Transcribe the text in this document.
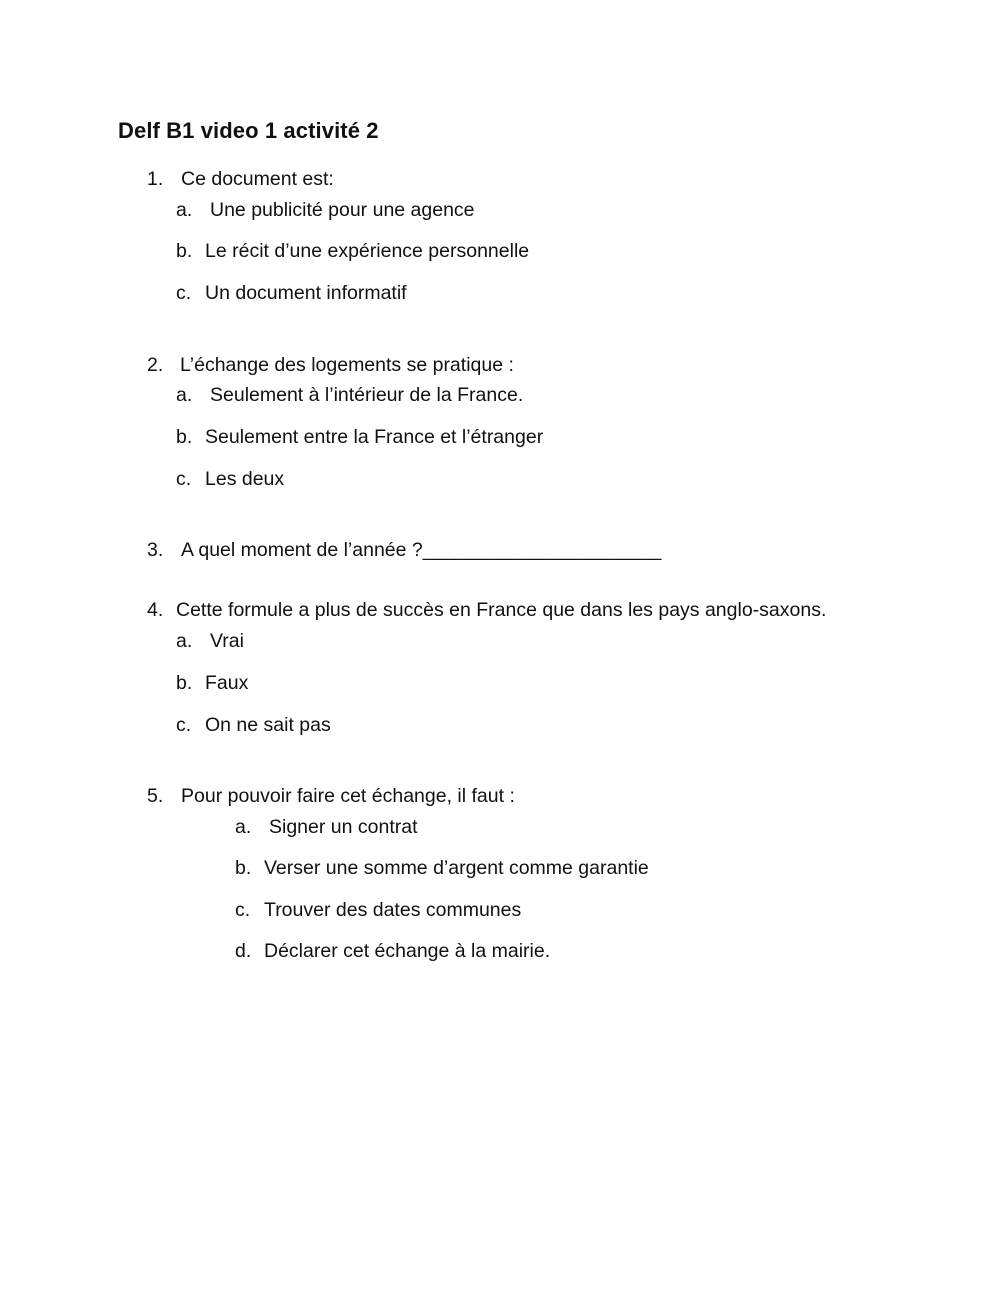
Delf B1 video 1 activité 2
1. Ce document est:
a. Une publicité pour une agence
b. Le récit d’une expérience personnelle
c. Un document informatif
2. L’échange des logements se pratique :
a. Seulement à l’intérieur de la France.
b. Seulement entre la France et l’étranger
c. Les deux
3. A quel moment de l’année ?______________________
4. Cette formule a plus de succès en France que dans les pays anglo-saxons.
a. Vrai
b. Faux
c. On ne sait pas
5. Pour pouvoir faire cet échange, il faut :
a. Signer un contrat
b. Verser une somme d’argent comme garantie
c. Trouver des dates communes
d. Déclarer cet échange à la mairie.
